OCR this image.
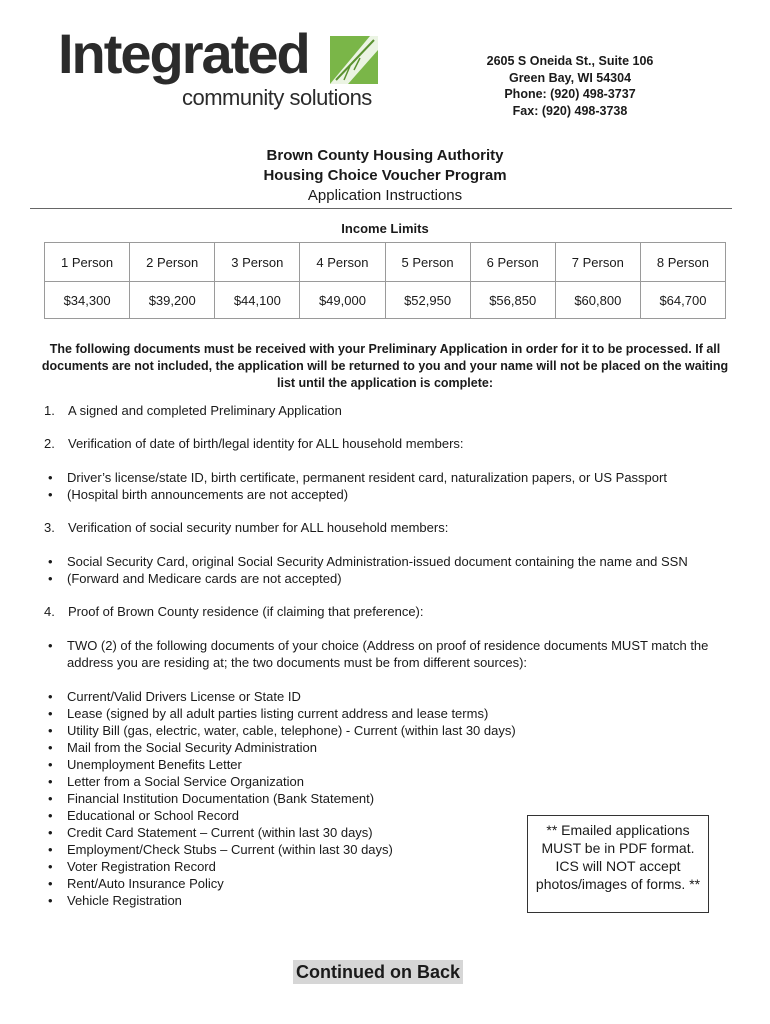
Integrated
community solutions
2605 S Oneida St., Suite 106
Green Bay, WI 54304
Phone: (920) 498-3737
Fax: (920) 498-3738
Brown County Housing Authority
Housing Choice Voucher Program
Application Instructions
Income Limits
1 Person	2 Person	3 Person	4 Person	5 Person	6 Person	7 Person	8 Person
$34,300	$39,200	$44,100	$49,000	$52,950	$56,850	$60,800	$64,700
The following documents must be received with your Preliminary Application in order for it to be processed. If all documents are not included, the application will be returned to you and your name will not be placed on the waiting list until the application is complete:
1. A signed and completed Preliminary Application
2. Verification of date of birth/legal identity for ALL household members:
• Driver’s license/state ID, birth certificate, permanent resident card, naturalization papers, or US Passport
• (Hospital birth announcements are not accepted)
3. Verification of social security number for ALL household members:
• Social Security Card, original Social Security Administration-issued document containing the name and SSN
• (Forward and Medicare cards are not accepted)
4. Proof of Brown County residence (if claiming that preference):
• TWO (2) of the following documents of your choice (Address on proof of residence documents MUST match the address you are residing at; the two documents must be from different sources):
• Current/Valid Drivers License or State ID
• Lease (signed by all adult parties listing current address and lease terms)
• Utility Bill (gas, electric, water, cable, telephone) - Current (within last 30 days)
• Mail from the Social Security Administration
• Unemployment Benefits Letter
• Letter from a Social Service Organization
• Financial Institution Documentation (Bank Statement)
• Educational or School Record
• Credit Card Statement – Current (within last 30 days)
• Employment/Check Stubs – Current (within last 30 days)
• Voter Registration Record
• Rent/Auto Insurance Policy
• Vehicle Registration
** Emailed applications MUST be in PDF format. ICS will NOT accept photos/images of forms. **
Continued on Back
